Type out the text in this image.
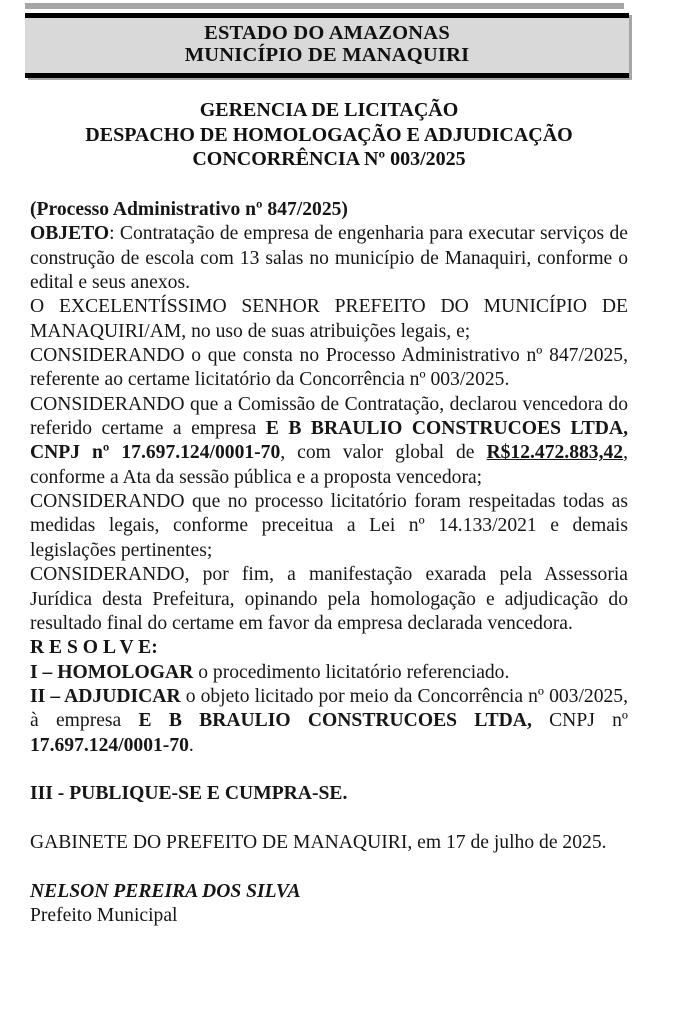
ESTADO DO AMAZONAS
MUNICÍPIO DE MANAQUIRI
GERENCIA DE LICITAÇÃO
DESPACHO DE HOMOLOGAÇÃO E ADJUDICAÇÃO
CONCORRÊNCIA Nº 003/2025

(Processo Administrativo nº 847/2025)

OBJETO: Contratação de empresa de engenharia para executar serviços de construção de escola com 13 salas no município de Manaquiri, conforme o edital e seus anexos.

O EXCELENTÍSSIMO SENHOR PREFEITO DO MUNICÍPIO DE MANAQUIRI/AM, no uso de suas atribuições legais, e;

CONSIDERANDO o que consta no Processo Administrativo nº 847/2025, referente ao certame licitatório da Concorrência nº 003/2025.

CONSIDERANDO que a Comissão de Contratação, declarou vencedora do referido certame a empresa E B BRAULIO CONSTRUCOES LTDA, CNPJ nº 17.697.124/0001-70, com valor global de R$12.472.883,42, conforme a Ata da sessão pública e a proposta vencedora;

CONSIDERANDO que no processo licitatório foram respeitadas todas as medidas legais, conforme preceitua a Lei nº 14.133/2021 e demais legislações pertinentes;

CONSIDERANDO, por fim, a manifestação exarada pela Assessoria Jurídica desta Prefeitura, opinando pela homologação e adjudicação do resultado final do certame em favor da empresa declarada vencedora.

R E S O L V E:

I – HOMOLOGAR o procedimento licitatório referenciado.

II – ADJUDICAR o objeto licitado por meio da Concorrência nº 003/2025, à empresa E B BRAULIO CONSTRUCOES LTDA, CNPJ nº 17.697.124/0001-70.

III - PUBLIQUE-SE E CUMPRA-SE.

GABINETE DO PREFEITO DE MANAQUIRI, em 17 de julho de 2025.

NELSON PEREIRA DOS SILVA

Prefeito Municipal
